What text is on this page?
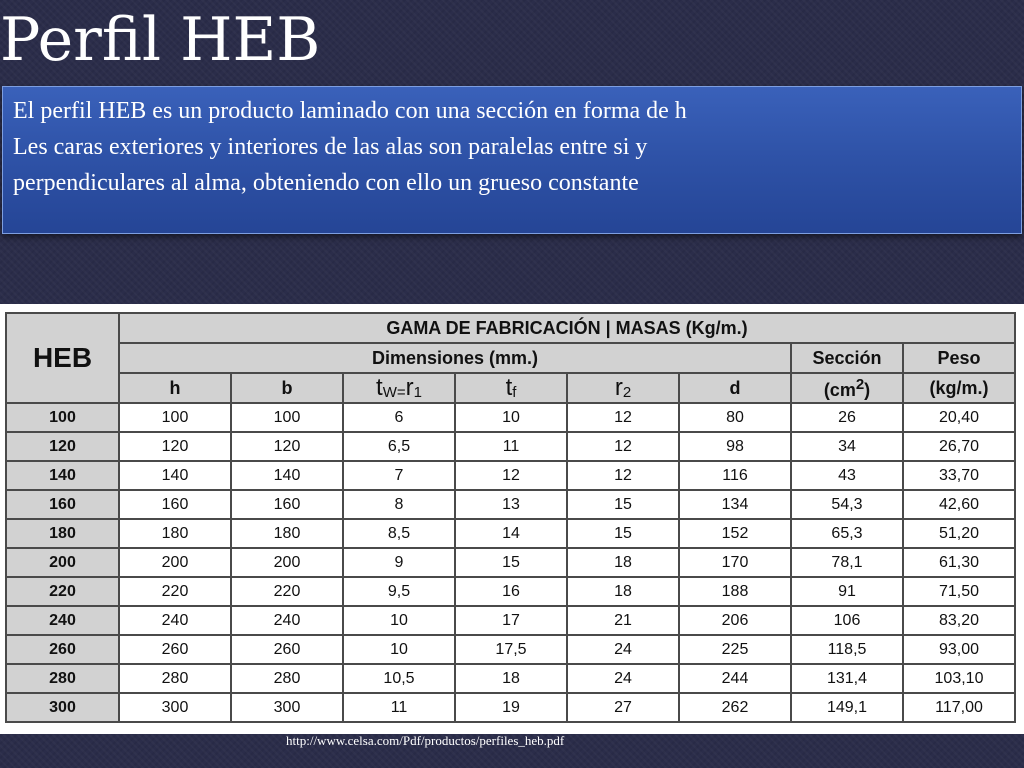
Perfil HEB
El perfil HEB es un producto laminado con una sección en forma de h
Les caras exteriores y interiores de las alas son paralelas entre si y
perpendiculares al alma, obteniendo con ello un grueso constante
HEB	GAMA DE FABRICACIÓN | MASAS (Kg/m.)							
	Dimensiones (mm.)						Sección	Peso
	h	b	$t_{W=}r_1$	$t_f$	$r_2$	d	$(cm^2)$	(kg/m.)
100	100	100	6	10	12	80	26	20,40
120	120	120	6,5	11	12	98	34	26,70
140	140	140	7	12	12	116	43	33,70
160	160	160	8	13	15	134	54,3	42,60
180	180	180	8,5	14	15	152	65,3	51,20
200	200	200	9	15	18	170	78,1	61,30
220	220	220	9,5	16	18	188	91	71,50
240	240	240	10	17	21	206	106	83,20
260	260	260	10	17,5	24	225	118,5	93,00
280	280	280	10,5	18	24	244	131,4	103,10
300	300	300	11	19	27	262	149,1	117,00
http://www.celsa.com/Pdf/productos/perfiles_heb.pdf
